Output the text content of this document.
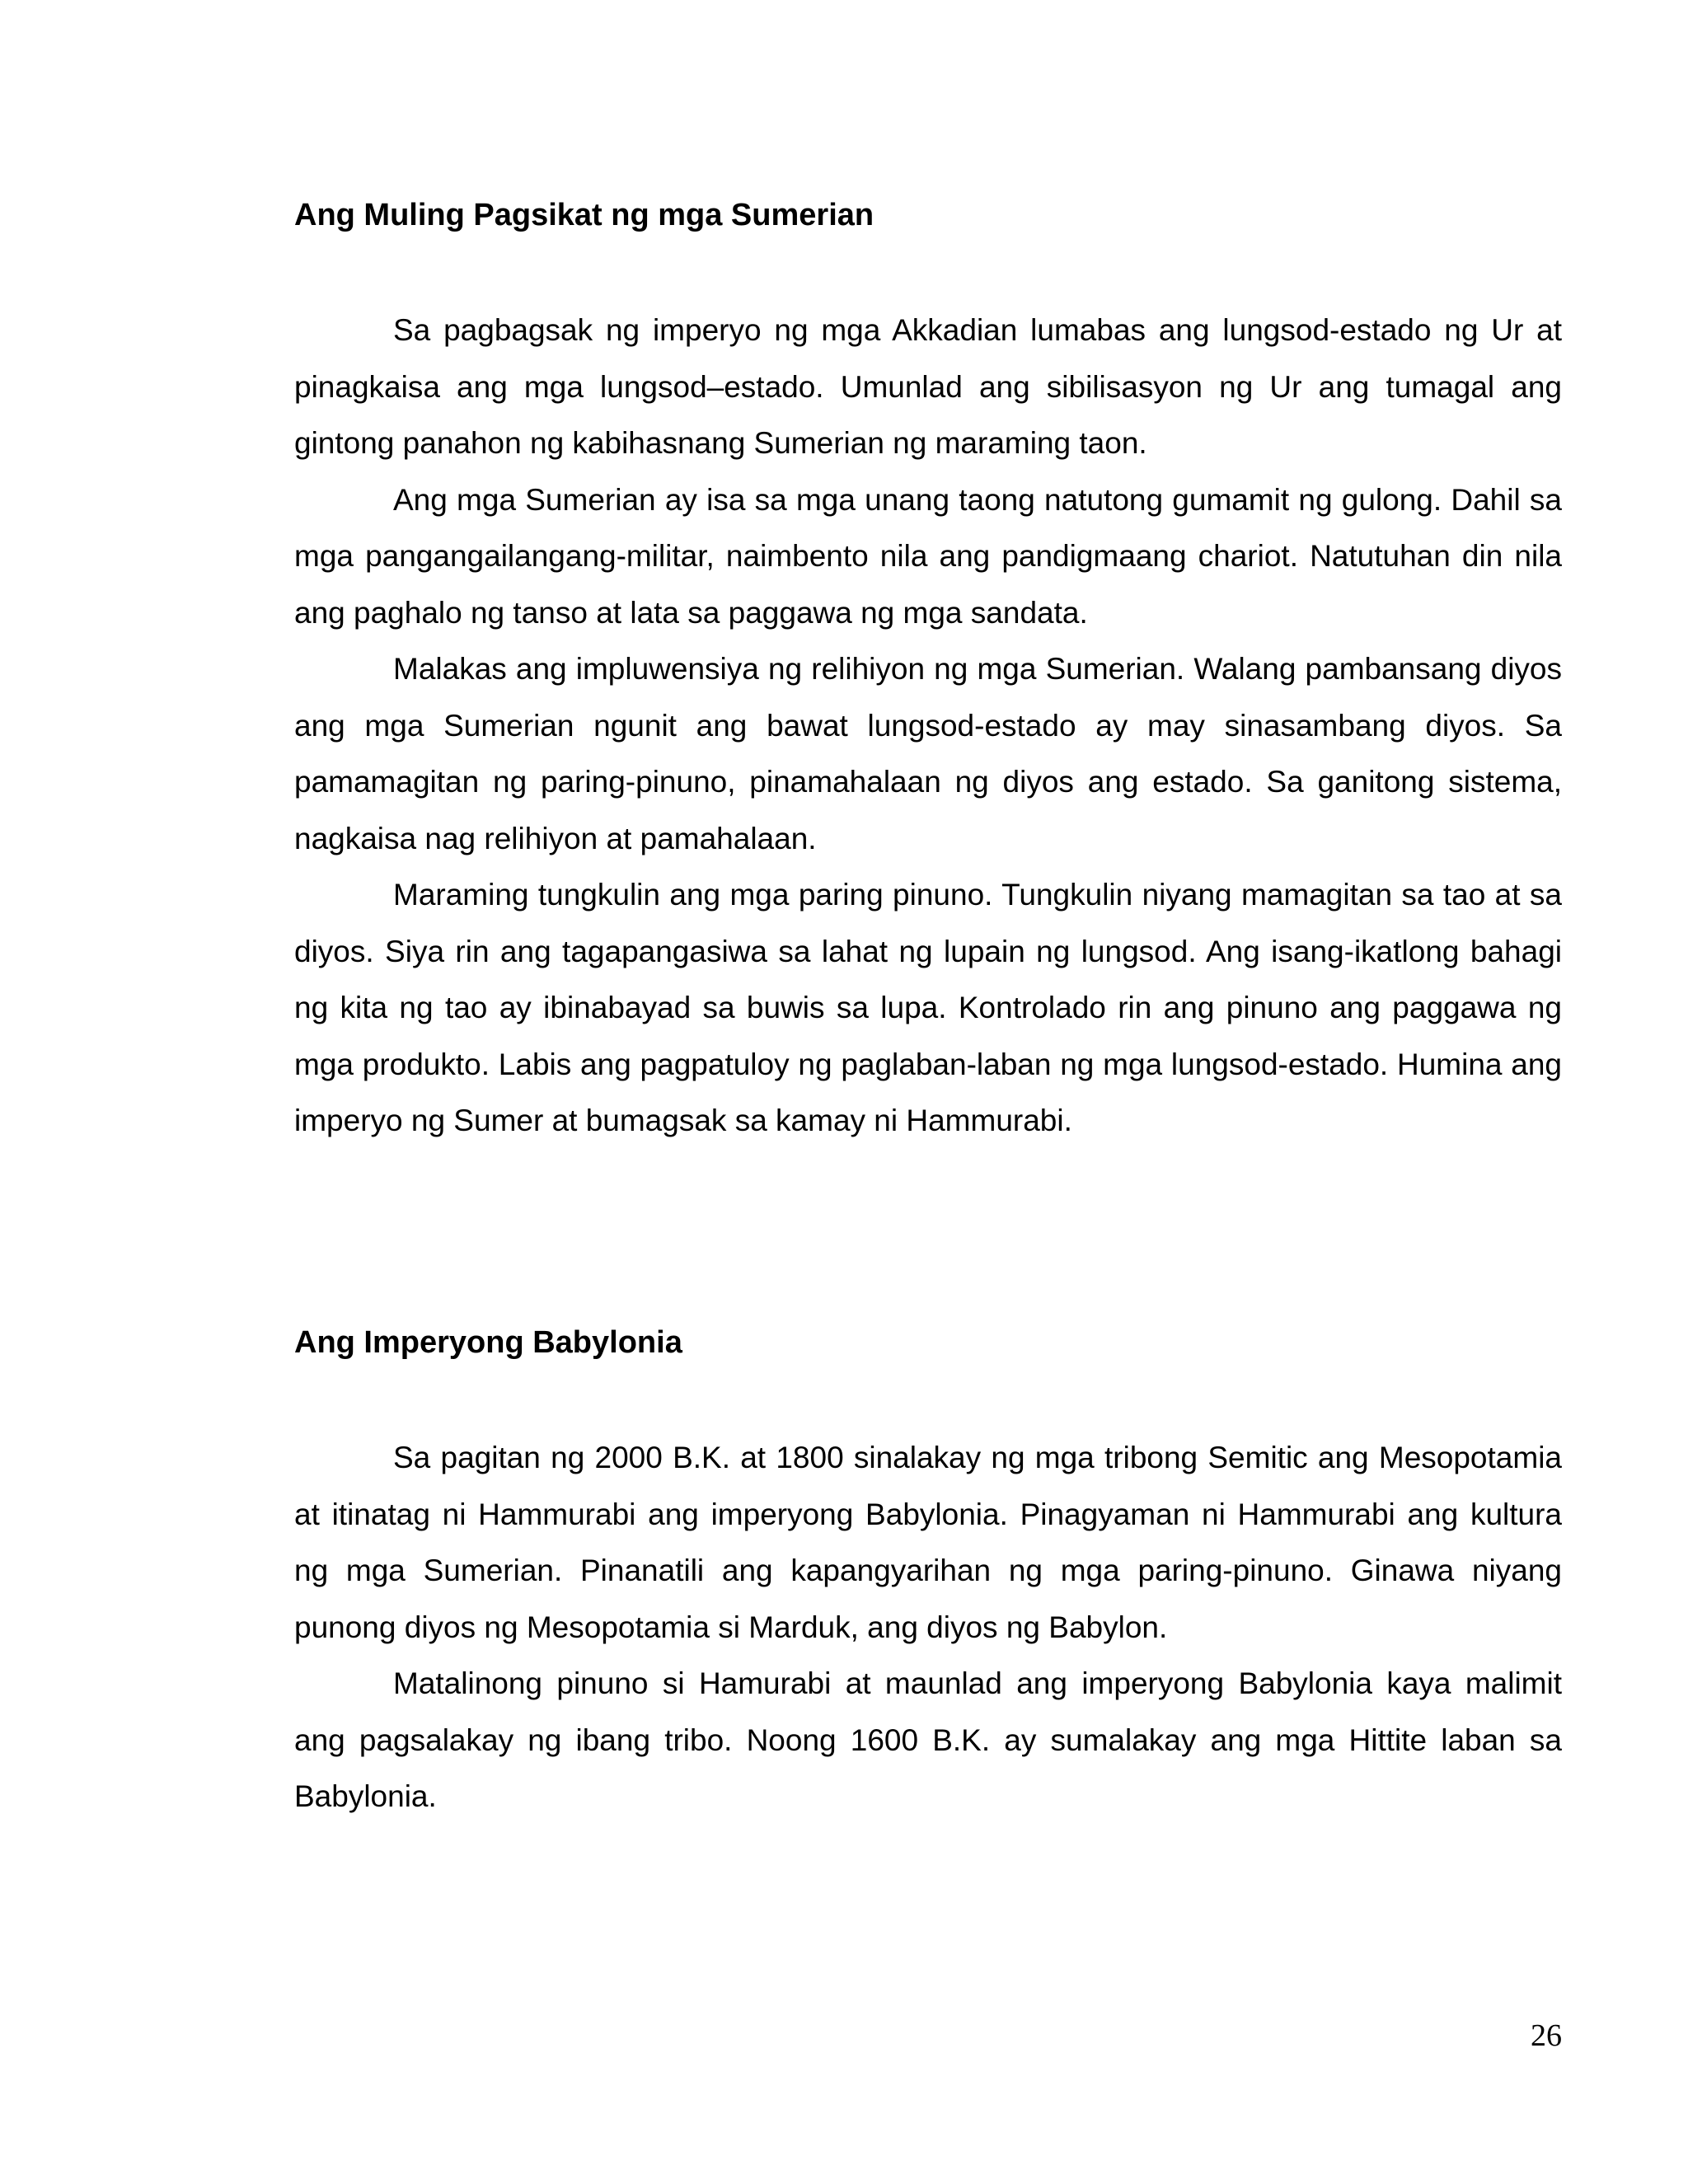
Ang Muling Pagsikat ng mga Sumerian

Sa pagbagsak ng imperyo ng mga Akkadian lumabas ang lungsod-estado ng Ur at pinagkaisa ang mga lungsod–estado. Umunlad ang sibilisasyon ng Ur ang tumagal ang gintong panahon ng kabihasnang Sumerian ng maraming taon.

Ang mga Sumerian ay isa sa mga unang taong natutong gumamit ng gulong. Dahil sa mga pangangailangang-militar, naimbento nila ang pandigmaang chariot. Natutuhan din nila ang paghalo ng tanso at lata sa paggawa ng mga sandata.

Malakas ang impluwensiya ng relihiyon ng mga Sumerian. Walang pambansang diyos ang mga Sumerian ngunit ang bawat lungsod-estado ay may sinasambang diyos. Sa pamamagitan ng paring-pinuno, pinamahalaan ng diyos ang estado. Sa ganitong sistema, nagkaisa nag relihiyon at pamahalaan.

Maraming tungkulin ang mga paring pinuno. Tungkulin niyang mamagitan sa tao at sa diyos. Siya rin ang tagapangasiwa sa lahat ng lupain ng lungsod. Ang isang-ikatlong bahagi ng kita ng tao ay ibinabayad sa buwis sa lupa. Kontrolado rin ang pinuno ang paggawa ng mga produkto. Labis ang pagpatuloy ng paglaban-laban ng mga lungsod-estado. Humina ang imperyo ng Sumer at bumagsak sa kamay ni Hammurabi.

Ang Imperyong Babylonia

Sa pagitan ng 2000 B.K. at 1800 sinalakay ng mga tribong Semitic ang Mesopotamia at itinatag ni Hammurabi ang imperyong Babylonia. Pinagyaman ni Hammurabi ang kultura ng mga Sumerian. Pinanatili ang kapangyarihan ng mga paring-pinuno. Ginawa niyang punong diyos ng Mesopotamia si Marduk, ang diyos ng Babylon.

Matalinong pinuno si Hamurabi at maunlad ang imperyong Babylonia kaya malimit ang pagsalakay ng ibang tribo. Noong 1600 B.K. ay sumalakay ang mga Hittite laban sa Babylonia.

26
